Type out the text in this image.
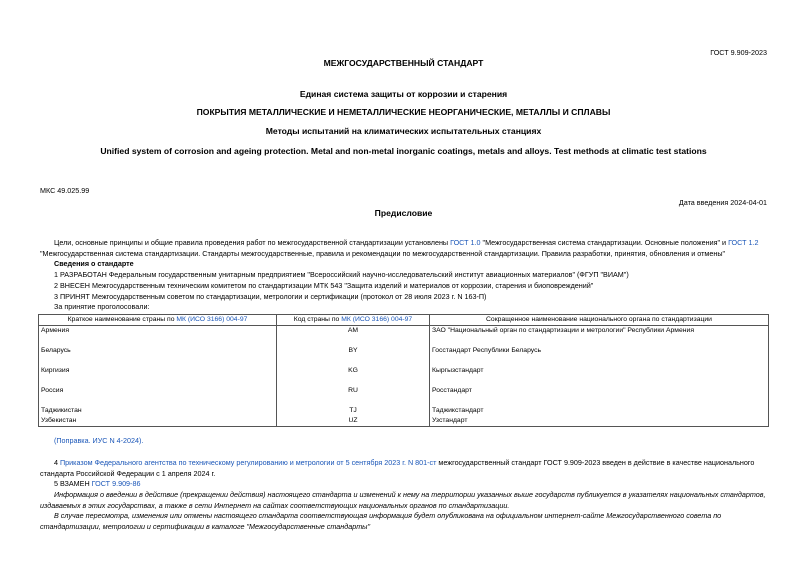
ГОСТ 9.909-2023
МЕЖГОСУДАРСТВЕННЫЙ СТАНДАРТ
Единая система защиты от коррозии и старения
ПОКРЫТИЯ МЕТАЛЛИЧЕСКИЕ И НЕМЕТАЛЛИЧЕСКИЕ НЕОРГАНИЧЕСКИЕ, МЕТАЛЛЫ И СПЛАВЫ
Методы испытаний на климатических испытательных станциях
Unified system of corrosion and ageing protection. Metal and non-metal inorganic coatings, metals and alloys. Test methods at climatic test stations
МКС 49.025.99
Дата введения 2024-04-01
Предисловие
Цели, основные принципы и общие правила проведения работ по межгосударственной стандартизации установлены ГОСТ 1.0 "Межгосударственная система стандартизации. Основные положения" и ГОСТ 1.2 "Межгосударственная система стандартизации. Стандарты межгосударственные, правила и рекомендации по межгосударственной стандартизации. Правила разработки, принятия, обновления и отмены"
Сведения о стандарте
1 РАЗРАБОТАН Федеральным государственным унитарным предприятием "Всероссийский научно-исследовательский институт авиационных материалов" (ФГУП "ВИАМ")
2 ВНЕСЕН Межгосударственным техническим комитетом по стандартизации МТК 543 "Защита изделий и материалов от коррозии, старения и биоповреждений"
3 ПРИНЯТ Межгосударственным советом по стандартизации, метрологии и сертификации (протокол от 28 июля 2023 г. N 163-П)
За принятие проголосовали:
Краткое наименование страны по МК (ИСО 3166) 004-97	Код страны по МК (ИСО 3166) 004-97	Сокращенное наименование национального органа по стандартизации
Армения	AM	ЗАО "Национальный орган по стандартизации и метрологии" Республики Армения
Беларусь	BY	Госстандарт Республики Беларусь
Киргизия	KG	Кыргызстандарт
Россия	RU	Росстандарт
Таджикистан	TJ	Таджикстандарт
Узбекистан	UZ	Узстандарт
(Поправка. ИУС N 4-2024).
4 Приказом Федерального агентства по техническому регулированию и метрологии от 5 сентября 2023 г. N 801-ст межгосударственный стандарт ГОСТ 9.909-2023 введен в действие в качестве национального стандарта Российской Федерации с 1 апреля 2024 г.
5 ВЗАМЕН ГОСТ 9.909-86
Информация о введении в действие (прекращении действия) настоящего стандарта и изменений к нему на территории указанных выше государств публикуется в указателях национальных стандартов, издаваемых в этих государствах, а также в сети Интернет на сайтах соответствующих национальных органов по стандартизации.
В случае пересмотра, изменения или отмены настоящего стандарта соответствующая информация будет опубликована на официальном интернет-сайте Межгосударственного совета по стандартизации, метрологии и сертификации в каталоге "Межгосударственные стандарты"
